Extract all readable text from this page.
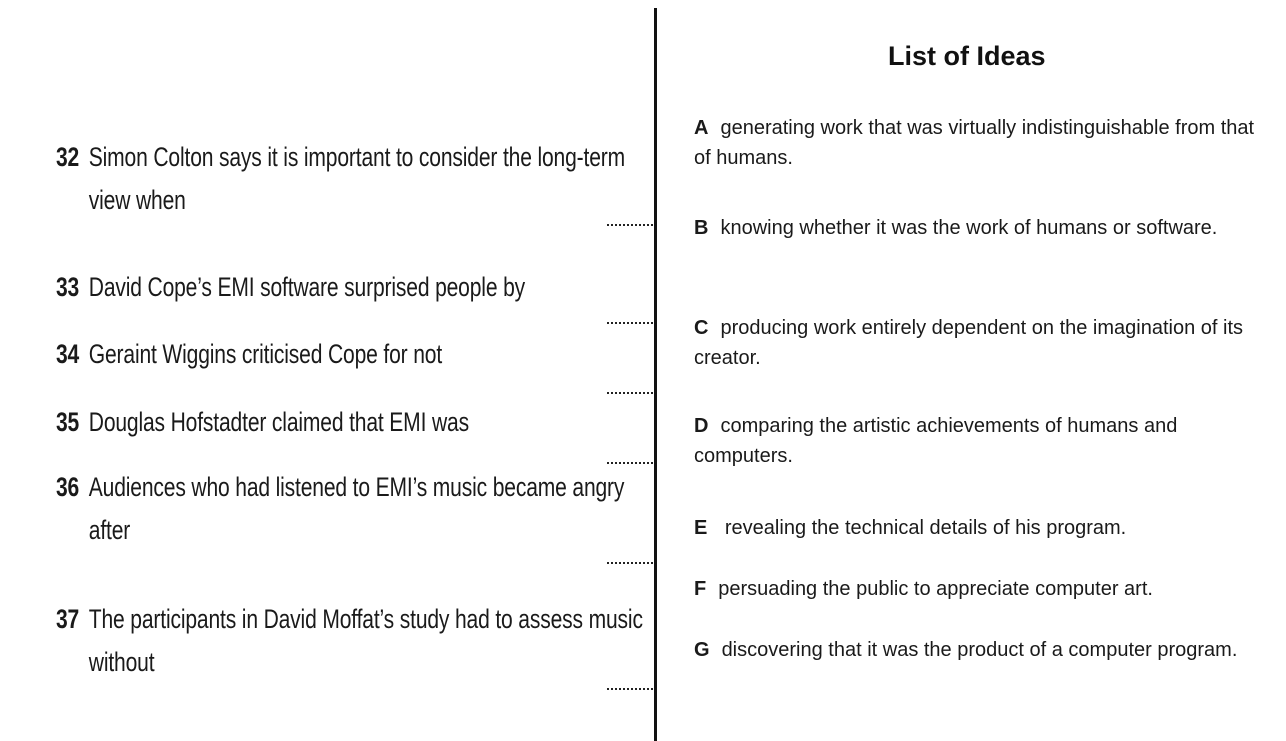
32 Simon Colton says it is important to consider the long-term
view when
33 David Cope’s EMI software surprised people by
34 Geraint Wiggins criticised Cope for not
35 Douglas Hofstadter claimed that EMI was
36 Audiences who had listened to EMI’s music became angry
after
37 The participants in David Moffat’s study had to assess music
without
List of Ideas
A generating work that was virtually indistinguishable from that of humans.
B knowing whether it was the work of humans or software.
C producing work entirely dependent on the imagination of its creator.
D comparing the artistic achievements of humans and computers.
E revealing the technical details of his program.
F persuading the public to appreciate computer art.
G discovering that it was the product of a computer program.
